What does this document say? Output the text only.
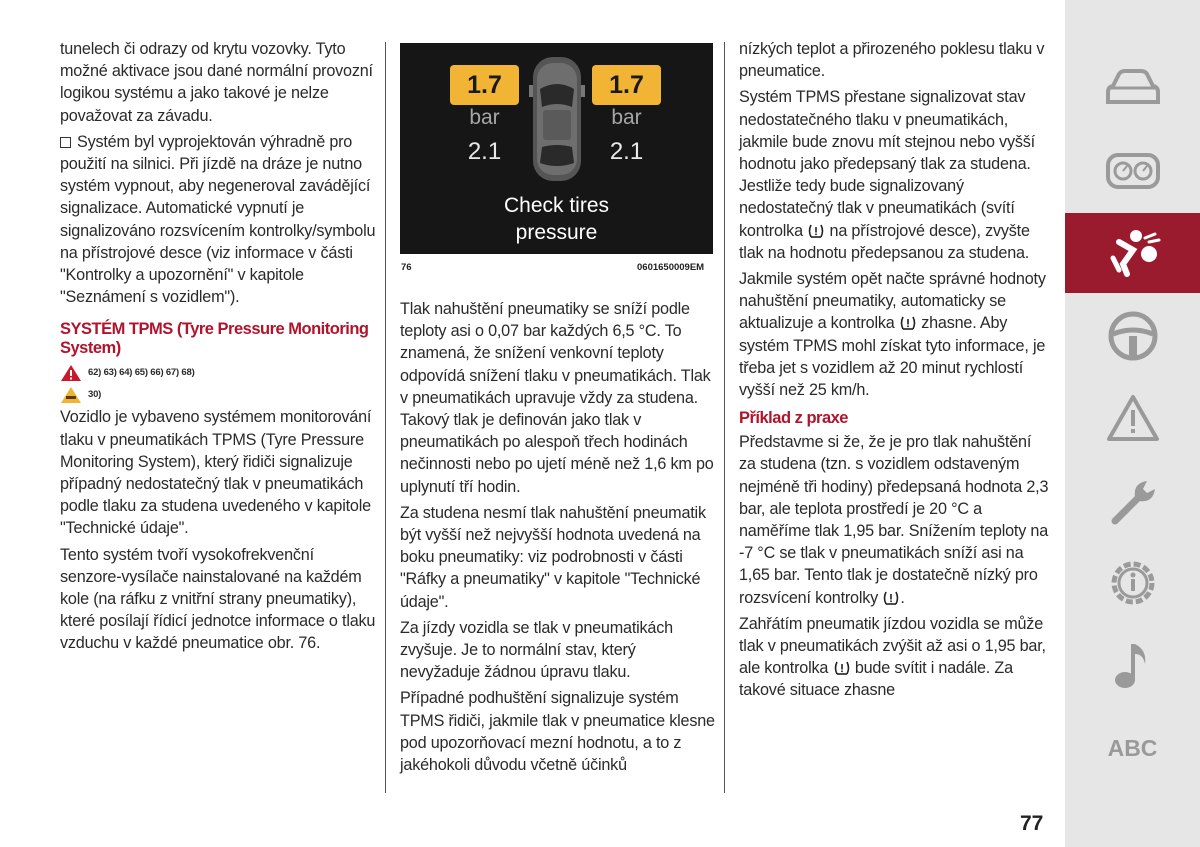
tunelech či odrazy od krytu vozovky. Tyto možné aktivace jsou dané normální provozní logikou systému a jako takové je nelze považovat za závadu.

Systém byl vyprojektován výhradně pro použití na silnici. Při jízdě na dráze je nutno systém vypnout, aby negeneroval zavádějící signalizace. Automatické vypnutí je signalizováno rozsvícením kontrolky/symbolu na přístrojové desce (viz informace v části "Kontrolky a upozornění" v kapitole "Seznámení s vozidlem").

SYSTÉM TPMS (Tyre Pressure Monitoring System)
62) 63) 64) 65) 66) 67) 68)
30)

Vozidlo je vybaveno systémem monitorování tlaku v pneumatikách TPMS (Tyre Pressure Monitoring System), který řidiči signalizuje případný nedostatečný tlak v pneumatikách podle tlaku za studena uvedeného v kapitole "Technické údaje".

Tento systém tvoří vysokofrekvenční senzore-vysílače nainstalované na každém kole (na ráfku z vnitřní strany pneumatiky), které posílají řídicí jednotce informace o tlaku vzduchu v každé pneumatice obr. 76.

1.7	1.7
bar	bar
2.1	2.1
Check tires
pressure
76	0601650009EM

Tlak nahuštění pneumatiky se sníží podle teploty asi o 0,07 bar každých 6,5 °C. To znamená, že snížení venkovní teploty odpovídá snížení tlaku v pneumatikách. Tlak v pneumatikách upravuje vždy za studena. Takový tlak je definován jako tlak v pneumatikách po alespoň třech hodinách nečinnosti nebo po ujetí méně než 1,6 km po uplynutí tří hodin.

Za studena nesmí tlak nahuštění pneumatik být vyšší než nejvyšší hodnota uvedená na boku pneumatiky: viz podrobnosti v části "Ráfky a pneumatiky" v kapitole "Technické údaje".

Za jízdy vozidla se tlak v pneumatikách zvyšuje. Je to normální stav, který nevyžaduje žádnou úpravu tlaku.

Případné podhuštění signalizuje systém TPMS řidiči, jakmile tlak v pneumatice klesne pod upozorňovací mezní hodnotu, a to z jakéhokoli důvodu včetně účinků

nízkých teplot a přirozeného poklesu tlaku v pneumatice.

Systém TPMS přestane signalizovat stav nedostatečného tlaku v pneumatikách, jakmile bude znovu mít stejnou nebo vyšší hodnotu jako předepsaný tlak za studena. Jestliže tedy bude signalizovaný nedostatečný tlak v pneumatikách (svítí kontrolka na přístrojové desce), zvyšte tlak na hodnotu předepsanou za studena.

Jakmile systém opět načte správné hodnoty nahuštění pneumatiky, automaticky se aktualizuje a kontrolka zhasne. Aby systém TPMS mohl získat tyto informace, je třeba jet s vozidlem až 20 minut rychlostí vyšší než 25 km/h.

Příklad z praxe

Představme si že, že je pro tlak nahuštění za studena (tzn. s vozidlem odstaveným nejméně tři hodiny) předepsaná hodnota 2,3 bar, ale teplota prostředí je 20 °C a naměříme tlak 1,95 bar. Snížením teploty na -7 °C se tlak v pneumatikách sníží asi na 1,65 bar. Tento tlak je dostatečně nízký pro rozsvícení kontrolky .

Zahřátím pneumatik jízdou vozidla se může tlak v pneumatikách zvýšit až asi o 1,95 bar, ale kontrolka bude svítit i nadále. Za takové situace zhasne

ABC
77
